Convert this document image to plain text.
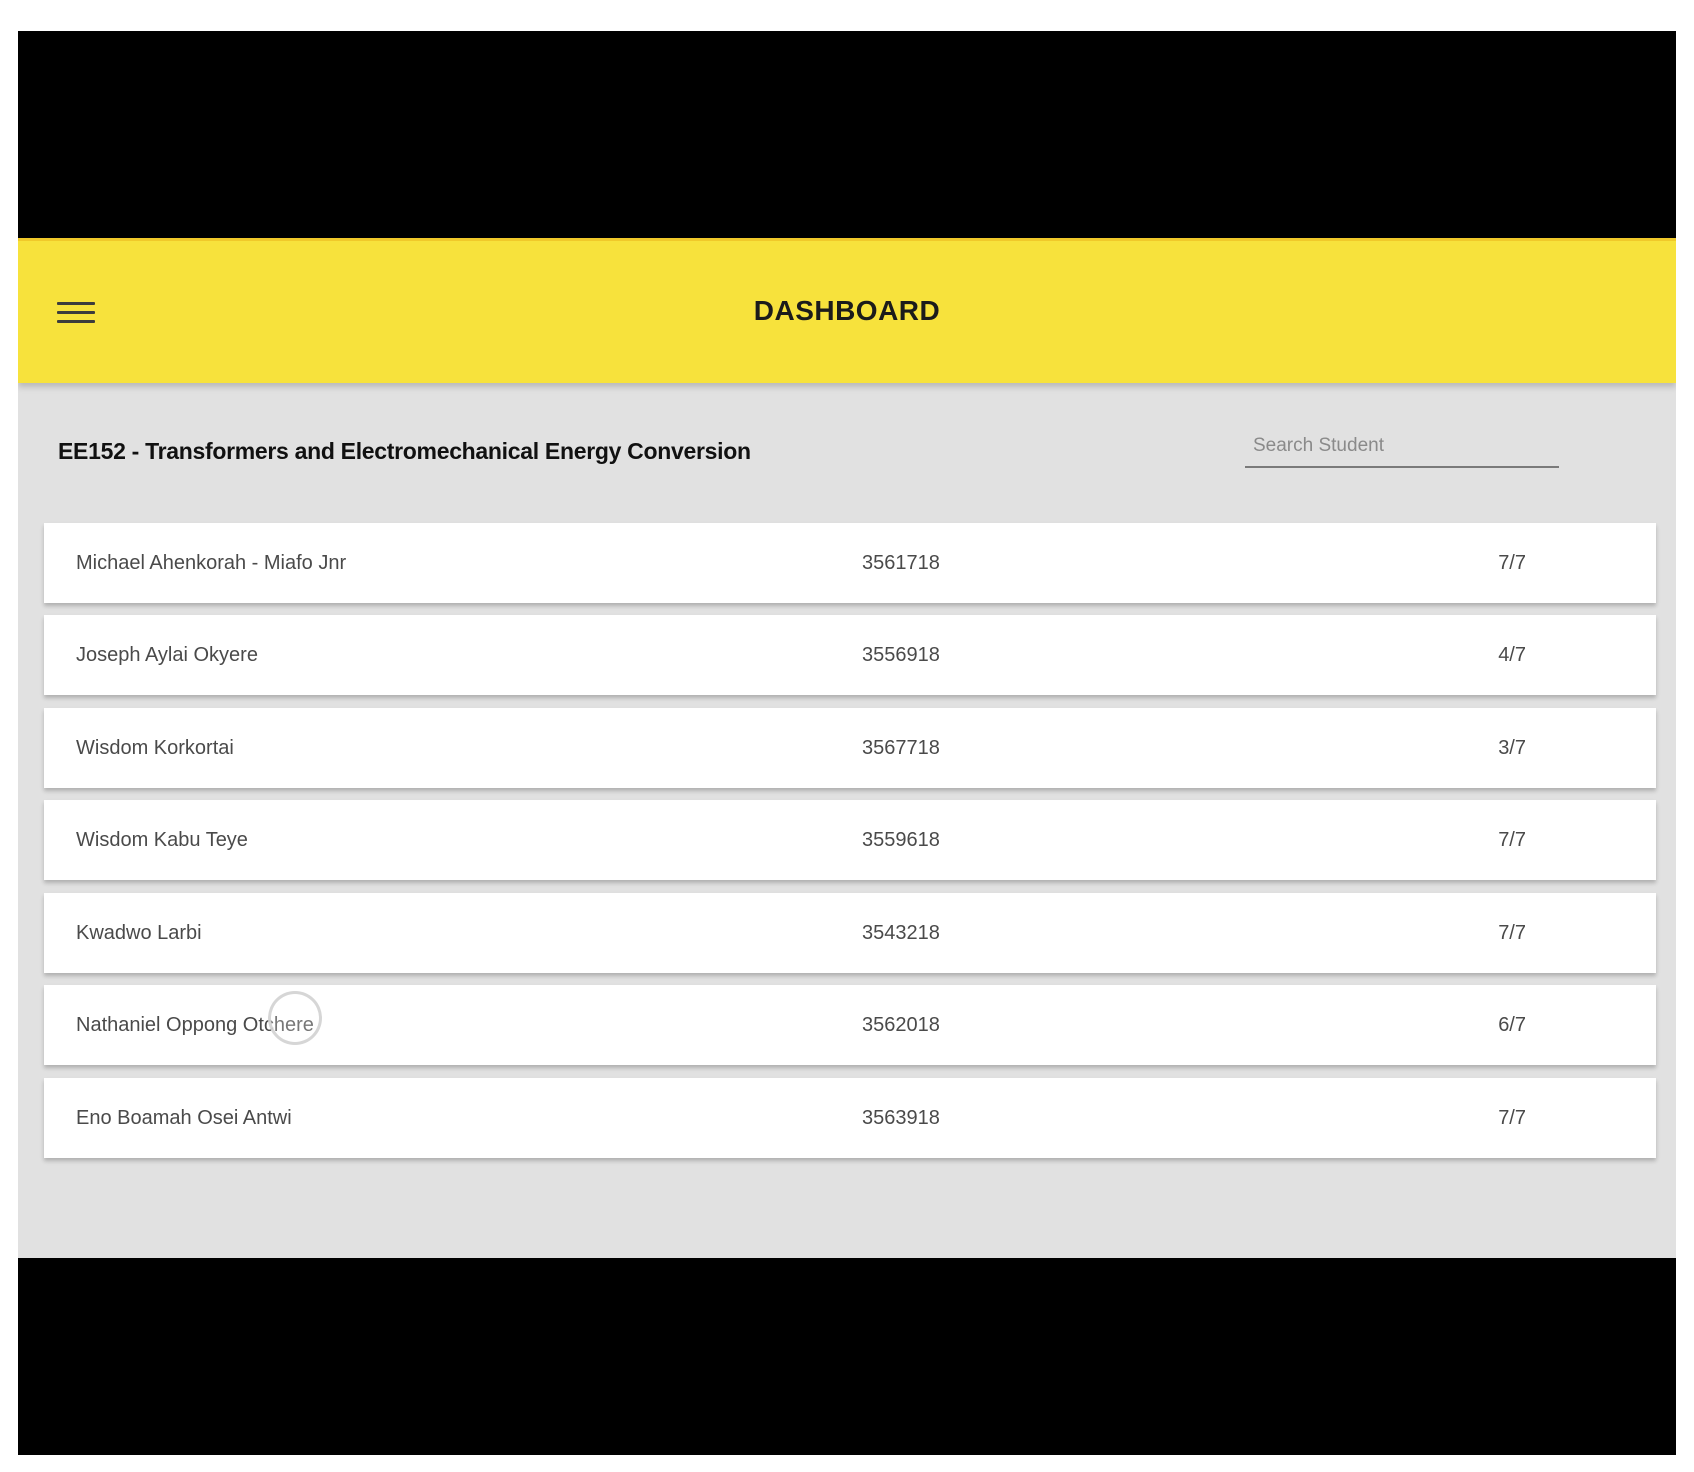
DASHBOARD
EE152 - Transformers and Electromechanical Energy Conversion
Search Student
Michael Ahenkorah - Miafo Jnr	3561718	7/7
Joseph Aylai Okyere	3556918	4/7
Wisdom Korkortai	3567718	3/7
Wisdom Kabu Teye	3559618	7/7
Kwadwo Larbi	3543218	7/7
Nathaniel Oppong Otchere	3562018	6/7
Eno Boamah Osei Antwi	3563918	7/7
